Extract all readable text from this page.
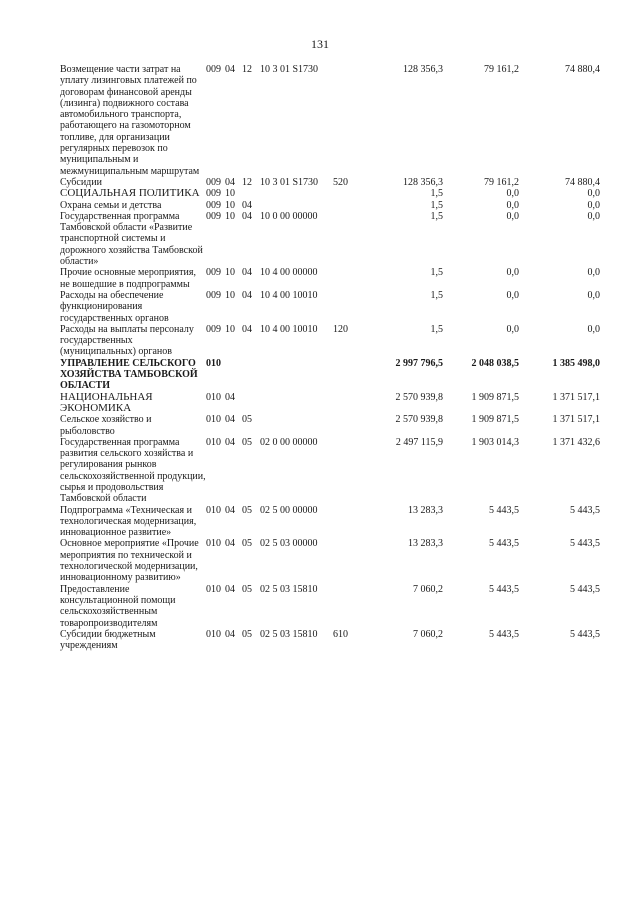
131
Возмещение части затрат на уплату лизинговых платежей по договорам финансовой аренды (лизинга) подвижного состава автомобильного транспорта, работающего на газомоторном топливе, для организации регулярных перевозок по муниципальным и межмуниципальным маршрутам	009	04	12	10 3 01 S1730		128 356,3	79 161,2	74 880,4
Субсидии	009	04	12	10 3 01 S1730	520	128 356,3	79 161,2	74 880,4
СОЦИАЛЬНАЯ ПОЛИТИКА	009	10				1,5	0,0	0,0
Охрана семьи и детства	009	10	04			1,5	0,0	0,0
Государственная программа Тамбовской области «Развитие транспортной системы и дорожного хозяйства Тамбовской области»	009	10	04	10 0 00 00000		1,5	0,0	0,0
Прочие основные мероприятия, не вошедшие в подпрограммы	009	10	04	10 4 00 00000		1,5	0,0	0,0
Расходы на обеспечение функционирования государственных органов	009	10	04	10 4 00 10010		1,5	0,0	0,0
Расходы на выплаты персоналу государственных (муниципальных) органов	009	10	04	10 4 00 10010	120	1,5	0,0	0,0
УПРАВЛЕНИЕ СЕЛЬСКОГО ХОЗЯЙСТВА ТАМБОВСКОЙ ОБЛАСТИ	010					2 997 796,5	2 048 038,5	1 385 498,0
НАЦИОНАЛЬНАЯ ЭКОНОМИКА	010	04				2 570 939,8	1 909 871,5	1 371 517,1
Сельское хозяйство и рыболовство	010	04	05			2 570 939,8	1 909 871,5	1 371 517,1
Государственная программа развития сельского хозяйства и регулирования рынков сельскохозяйственной продукции, сырья и продовольствия Тамбовской области	010	04	05	02 0 00 00000		2 497 115,9	1 903 014,3	1 371 432,6
Подпрограмма «Техническая и технологическая модернизация, инновационное развитие»	010	04	05	02 5 00 00000		13 283,3	5 443,5	5 443,5
Основное мероприятие «Прочие мероприятия по технической и технологической модернизации, инновационному развитию»	010	04	05	02 5 03 00000		13 283,3	5 443,5	5 443,5
Предоставление консультационной помощи сельскохозяйственным товаропроизводителям	010	04	05	02 5 03 15810		7 060,2	5 443,5	5 443,5
Субсидии бюджетным учреждениям	010	04	05	02 5 03 15810	610	7 060,2	5 443,5	5 443,5
